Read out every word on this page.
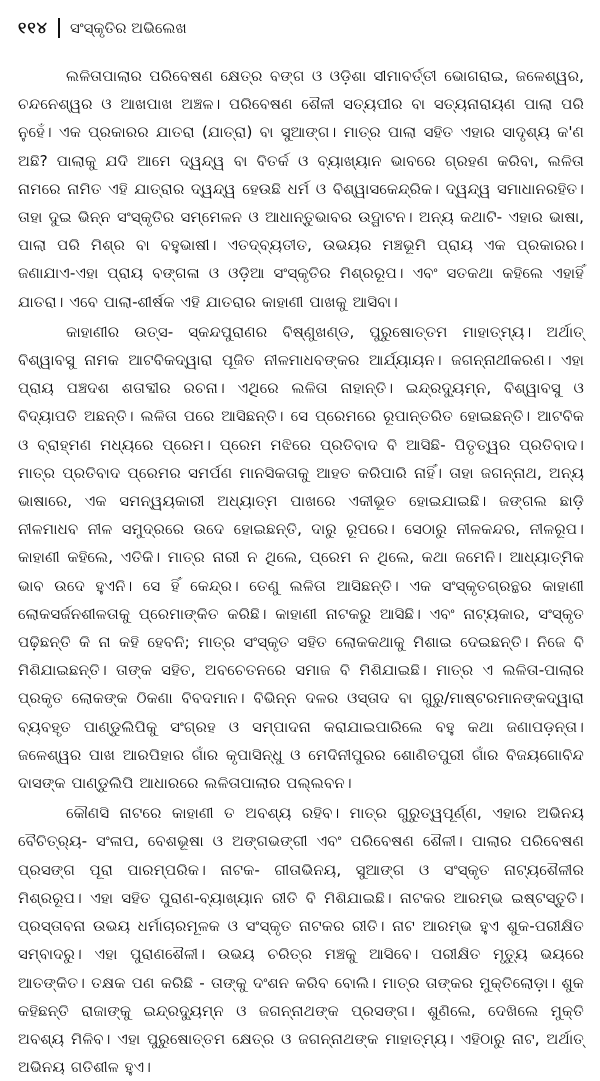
୧୧୪	ସଂସ୍କୃତିର ଅଭିଲେଖ

ଲଳିତାପାଲାର ପରିବେଷଣ କ୍ଷେତ୍ର ବଙ୍ଗ ଓ ଓଡ଼ିଶା ସୀମାବର୍ତ୍ତୀ ଭୋଗରାଇ, ଜଳେଶ୍ୱର, ଚନ୍ଦନେଶ୍ୱର ଓ ଆଖପାଖ ଅଞ୍ଚଳ। ପରିବେଷଣ ଶୈଳୀ ସତ୍ୟପୀର ବା ସତ୍ୟନାରାୟଣ ପାଲା ପରି ନୁହେଁ। ଏକ ପ୍ରକାରର ଯାତରା (ଯାତ୍ରା) ବା ସୁଆଙ୍ଗ। ମାତ୍ର ପାଲା ସହିତ ଏହାର ସାଦୃଶ୍ୟ କ'ଣ ଅଛି? ପାଲାକୁ ଯଦି ଆମେ ଦ୍ୱନ୍ଦ୍ୱ ବା ବିତର୍କ ଓ ବ୍ୟାଖ୍ୟାନ ଭାବରେ ଗ୍ରହଣ କରିବା, ଲଳିତା ନାମରେ ନାମିତ ଏହି ଯାତ୍ରାର ଦ୍ୱନ୍ଦ୍ୱ ହେଉଛି ଧର୍ମ ଓ ବିଶ୍ୱାସକେନ୍ଦ୍ରିକ। ଦ୍ୱନ୍ଦ୍ୱ ସମାଧାନରହିତ। ତାହା ଦୁଇ ଭିନ୍ନ ସଂସ୍କୃତିର ସମ୍ମେଳନ ଓ ଆଧାନ୍ତୁଭାବର ଉଦ୍ଘାଟନ। ଅନ୍ୟ କଥାଟି- ଏହାର ଭାଷା, ପାଲା ପରି ମିଶ୍ର ବା ବହୁଭାଷୀ। ଏତଦ୍‌ବ୍ୟତୀତ, ଉଭୟର ମଞ୍ଚଭୂମି ପ୍ରାୟ ଏକ ପ୍ରକାରର। ଜଣାଯାଏ-ଏହା ପ୍ରାୟ ବଙ୍ଗଳା ଓ ଓଡ଼ିଆ ସଂସ୍କୃତିର ମିଶ୍ରରୂପ। ଏବଂ ସତକଥା କହିଲେ ଏହାହିଁ ଯାତରା। ଏବେ ପାଲା-ଶୀର୍ଷକ ଏହି ଯାତରାର କାହାଣୀ ପାଖକୁ ଆସିବା।

କାହାଣୀର ଉତ୍ସ- ସ୍କନ୍ଦପୁରାଣର ବିଷ୍ଣୁଖଣ୍ଡ, ପୁରୁଷୋତ୍ତମ ମାହାତ୍ମ୍ୟ। ଅର୍ଥାତ୍ ବିଶ୍ୱାବସୁ ନାମକ ଆଟବିକଦ୍ୱାରା ପୂଜିତ ନୀଳମାଧବଙ୍କର ଆର୍ଯ୍ୟାୟନ। ଜଗନ୍ନାଥୀକରଣ। ଏହା ପ୍ରାୟ ପଞ୍ଚଦଶ ଶତାବ୍ଦୀର ରଚନା। ଏଥିରେ ଲଳିତା ନାହାନ୍ତି। ଇନ୍ଦ୍ରଦ୍ୟୁମ୍ନ, ବିଶ୍ୱାବସୁ ଓ ବିଦ୍ୟାପତି ଅଛନ୍ତି। ଲଳିତା ପରେ ଆସିଛନ୍ତି। ସେ ପ୍ରେମରେ ରୂପାନ୍ତରିତ ହୋଇଛନ୍ତି। ଆଟବିକ ଓ ବ୍ରାହ୍ମଣ ମଧ୍ୟରେ ପ୍ରେମ। ପ୍ରେମ ମଝିରେ ପ୍ରତିବାଦ ବି ଆସିଛି- ପିତୃତ୍ୱର ପ୍ରତିବାଦ। ମାତ୍ର ପ୍ରତିବାଦ ପ୍ରେମର ସମର୍ପଣ ମାନସିକତାକୁ ଆହତ କରିପାରି ନାହିଁ। ତାହା ଜଗନ୍ନାଥ, ଅନ୍ୟ ଭାଷାରେ, ଏକ ସମନ୍ୱୟକାରୀ ଅଧ୍ୟାତ୍ମ ପାଖରେ ଏକୀଭୂତ ହୋଇଯାଇଛି। ଜଙ୍ଗଲ ଛାଡ଼ି ନୀଳମାଧବ ନୀଳ ସମୁଦ୍ରରେ ଉଦେ ହୋଇଛନ୍ତି, ଦାରୁ ରୂପରେ। ସେଠାରୁ ନୀଳକନ୍ଦର, ନୀଳରୂପ। କାହାଣୀ କହିଲେ, ଏତିକି। ମାତ୍ର ନାରୀ ନ ଥିଲେ, ପ୍ରେମ ନ ଥିଲେ, କଥା ଜମେନି। ଆଧ୍ୟାତ୍ମିକ ଭାବ ଉଦେ ହୁଏନି। ସେ ହିଁ କେନ୍ଦ୍ର। ତେଣୁ ଲଳିତା ଆସିଛନ୍ତି। ଏକ ସଂସ୍କୃତଗ୍ରନ୍ଥର କାହାଣୀ ଲୋକସର୍ଜନଶୀଳତାକୁ ପ୍ରେମାଙ୍କିତ କରିଛି। କାହାଣୀ ନାଟକରୁ ଆସିଛି। ଏବଂ ନାଟ୍ୟକାର, ସଂସ୍କୃତ ପଢ଼ିଛନ୍ତି କି ନା କହି ହେବନି; ମାତ୍ର ସଂସ୍କୃତ ସହିତ ଲୋକକଥାକୁ ମିଶାଇ ଦେଇଛନ୍ତି। ନିଜେ ବି ମିଶିଯାଇଛନ୍ତି। ତାଙ୍କ ସହିତ, ଅବଚେତନରେ ସମାଜ ବି ମିଶିଯାଇଛି। ମାତ୍ର ଏ ଲଳିତା-ପାଲାର ପ୍ରକୃତ ଲୋକଙ୍କ ଠିକଣା ବିବଦମାନ। ବିଭିନ୍ନ ଦଳର ଓସ୍ତାଦ ବା ଗୁରୁ/ମାଷ୍ଟରମାନଙ୍କଦ୍ୱାରା ବ୍ୟବହୃତ ପାଣ୍ଡୁଲିପିକୁ ସଂଗ୍ରହ ଓ ସମ୍ପାଦନା କରାଯାଇପାରିଲେ ବହୁ କଥା ଜଣାପଡ଼ନ୍ତା। ଜଳେଶ୍ୱର ପାଖ ଆରପିହାର ଗାଁର କୃପାସିନ୍ଧୁ ଓ ମେଦିନୀପୁରର ଶୋଣିତପୁରୀ ଗାଁର ବିଜୟଗୋବିନ୍ଦ ଦାସଙ୍କ ପାଣ୍ଡୁଲିପି ଆଧାରରେ ଲଳିତାପାଲାର ପଲ୍ଲବନ।

କୌଣସି ନାଟରେ କାହାଣୀ ତ ଅବଶ୍ୟ ରହିବ। ମାତ୍ର ଗୁରୁତ୍ୱପୂର୍ଣ୍ଣ, ଏହାର ଅଭିନୟ ବୈଚିତ୍ର୍ୟ- ସଂଳାପ, ବେଶଭୂଷା ଓ ଅଙ୍ଗଭଙ୍ଗୀ ଏବଂ ପରିବେଷଣ ଶୈଳୀ। ପାଲାର ପରିବେଷଣ ପ୍ରସଙ୍ଗ ପୂରା ପାରମ୍ପରିକ। ନାଟକ- ଗୀତାଭିନୟ, ସୁଆଙ୍ଗ ଓ ସଂସ୍କୃତ ନାଟ୍ୟଶୈଳୀର ମିଶ୍ରରୂପ। ଏହା ସହିତ ପୁରାଣ-ବ୍ୟାଖ୍ୟାନ ରୀତି ବି ମିଶିଯାଇଛି। ନାଟକର ଆରମ୍ଭ ଇଷ୍ଟସ୍ତୁତି। ପ୍ରସ୍ତାବନା ଉଭୟ ଧର୍ମାଚାରମୂଳକ ଓ ସଂସ୍କୃତ ନାଟକର ରୀତି। ନାଟ ଆରମ୍ଭ ହୁଏ ଶୁକ-ପରୀକ୍ଷିତ ସମ୍ବାଦରୁ। ଏହା ପୁରାଣଶୈଳୀ। ଉଭୟ ଚରିତ୍ର ମଞ୍ଚକୁ ଆସିବେ। ପରୀକ୍ଷିତ ମୃତ୍ୟୁ ଭୟରେ ଆତଙ୍କିତ। ତକ୍ଷକ ପଣ କରିଛି - ତାଙ୍କୁ ଦଂଶନ କରିବ ବୋଲି। ମାତ୍ର ତାଙ୍କର ମୁକ୍ତିଲୋଡ଼ା। ଶୁକ କହିଛନ୍ତି ରାଜାଙ୍କୁ ଇନ୍ଦ୍ରଦ୍ୟୁମ୍ନ ଓ ଜଗନ୍ନାଥଙ୍କ ପ୍ରସଙ୍ଗ। ଶୁଣିଲେ, ଦେଖିଲେ ମୁକ୍ତି ଅବଶ୍ୟ ମିଳିବ। ଏହା ପୁରୁଷୋତ୍ତମ କ୍ଷେତ୍ର ଓ ଜଗନ୍ନାଥଙ୍କ ମାହାତ୍ମ୍ୟ। ଏହିଠାରୁ ନାଟ, ଅର୍ଥାତ୍ ଅଭିନୟ ଗତିଶୀଳ ହୁଏ।
